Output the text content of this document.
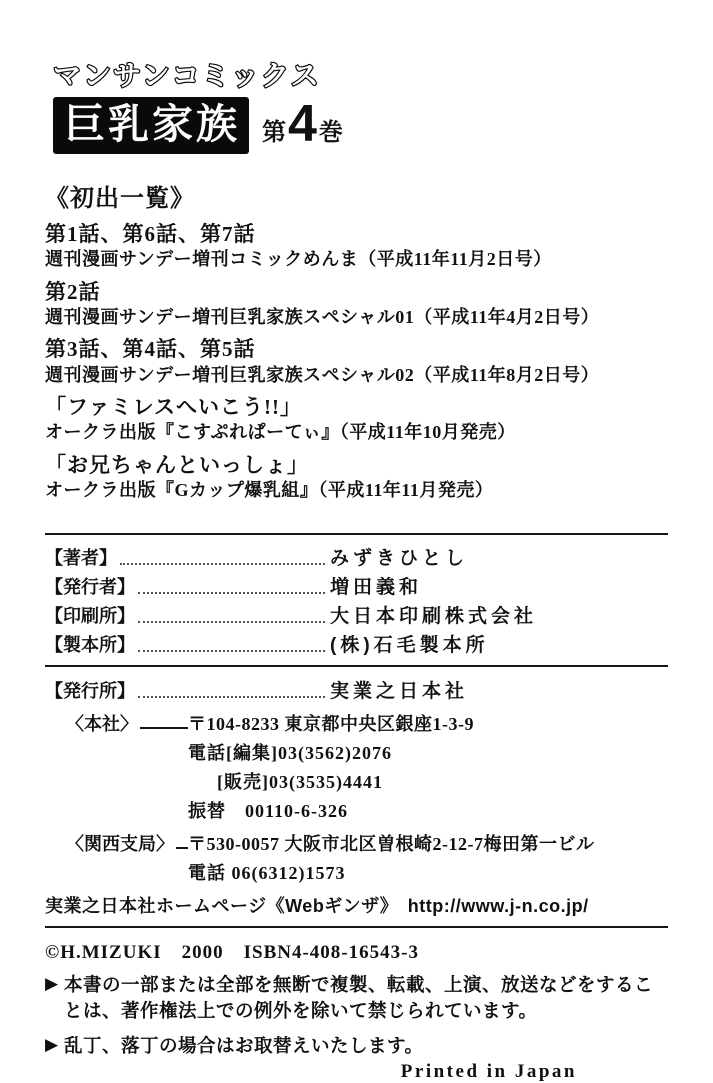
マンサンコミックス
巨乳家族 第 4 巻
《初出一覧》
第1話、第6話、第7話
週刊漫画サンデー増刊コミックめんま（平成11年11月2日号）
第2話
週刊漫画サンデー増刊巨乳家族スペシャル01（平成11年4月2日号）
第3話、第4話、第5話
週刊漫画サンデー増刊巨乳家族スペシャル02（平成11年8月2日号）
「ファミレスへいこう!!」
オークラ出版『こすぷれぱーてぃ』（平成11年10月発売）
「お兄ちゃんといっしょ」
オークラ出版『Gカップ爆乳組』（平成11年11月発売）
【著者】	みずきひとし
【発行者】	増田義和
【印刷所】	大日本印刷株式会社
【製本所】	(株)石毛製本所
【発行所】	実業之日本社
〈本社〉	〒104-8233 東京都中央区銀座1-3-9
電話[編集]03(3562)2076
[販売]03(3535)4441
振替　00110-6-326
〈関西支局〉 〒530-0057 大阪市北区曽根崎2-12-7梅田第一ビル
電話 06(6312)1573
実業之日本社ホームページ《Webギンザ》　http://www.j-n.co.jp/
©H.MIZUKI　2000　ISBN4-408-16543-3
▶ 本書の一部または全部を無断で複製、転載、上演、放送などをすることは、著作権法上での例外を除いて禁じられています。
▶ 乱丁、落丁の場合はお取替えいたします。
Printed in Japan
